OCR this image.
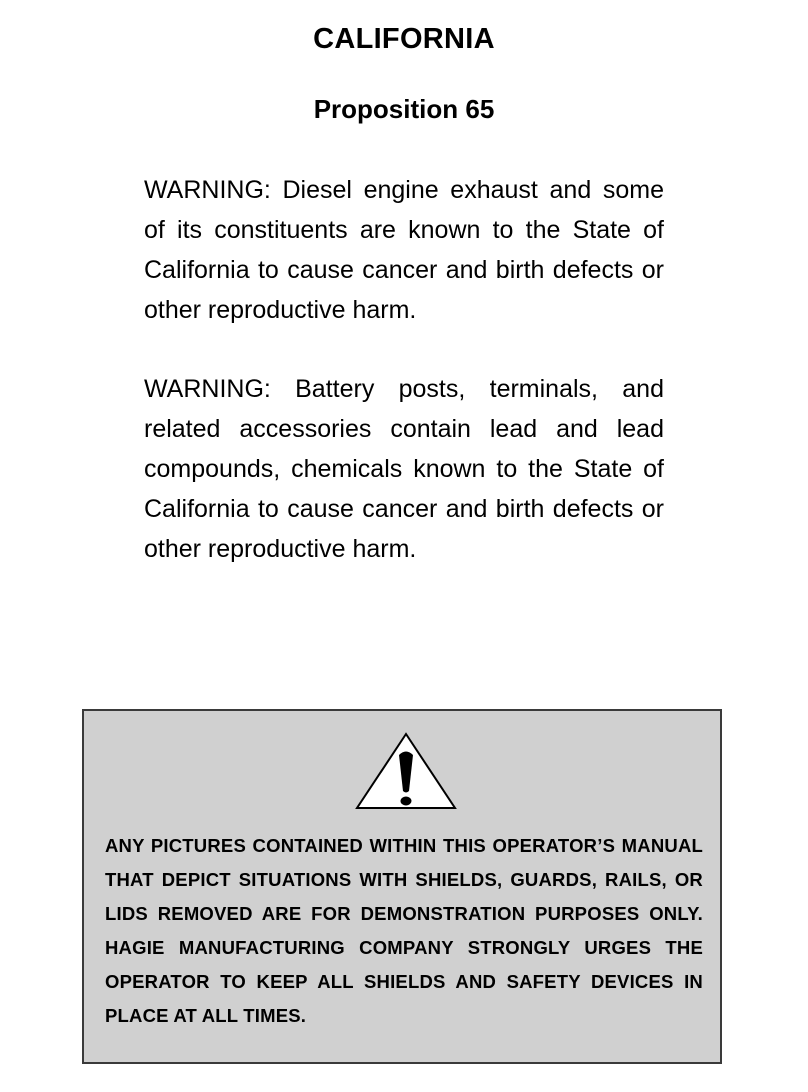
CALIFORNIA
Proposition 65

WARNING: Diesel engine exhaust and some of its constituents are known to the State of California to cause cancer and birth defects or other reproductive harm.

WARNING: Battery posts, terminals, and related accessories contain lead and lead compounds, chemicals known to the State of California to cause cancer and birth defects or other reproductive harm.

ANY PICTURES CONTAINED WITHIN THIS OPERATOR’S MANUAL THAT DEPICT SITUATIONS WITH SHIELDS, GUARDS, RAILS, OR LIDS REMOVED ARE FOR DEMONSTRATION PURPOSES ONLY. HAGIE MANUFACTURING COMPANY STRONGLY URGES THE OPERATOR TO KEEP ALL SHIELDS AND SAFETY DEVICES IN PLACE AT ALL TIMES.
